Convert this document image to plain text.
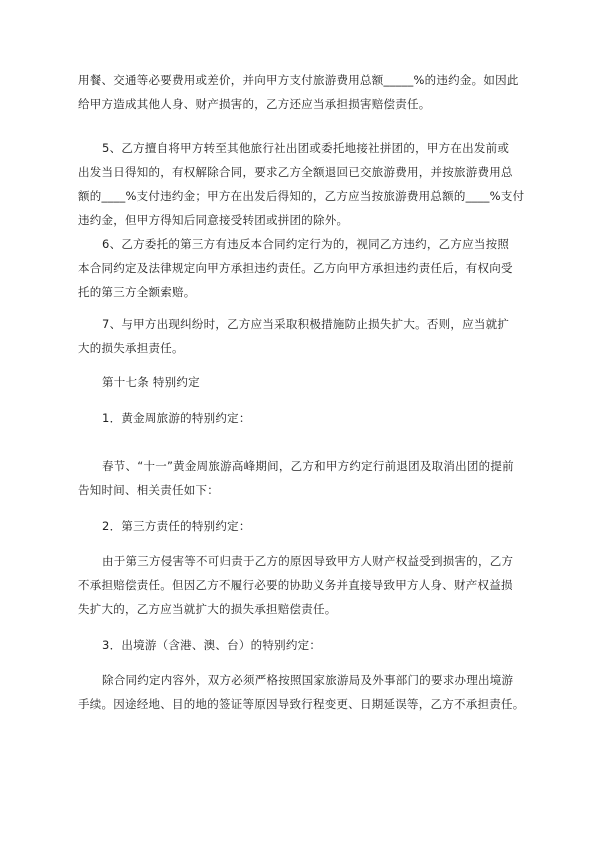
用餐、交通等必要费用或差价，并向甲方支付旅游费用总额_____%的违约金。如因此
给甲方造成其他人身、财产损害的，乙方还应当承担损害赔偿责任。

5、乙方擅自将甲方转至其他旅行社出团或委托地接社拼团的，甲方在出发前或
出发当日得知的，有权解除合同，要求乙方全额退回已交旅游费用，并按旅游费用总
额的____%支付违约金；甲方在出发后得知的，乙方应当按旅游费用总额的____%支付
违约金，但甲方得知后同意接受转团或拼团的除外。

6、乙方委托的第三方有违反本合同约定行为的，视同乙方违约，乙方应当按照
本合同约定及法律规定向甲方承担违约责任。乙方向甲方承担违约责任后，有权向受
托的第三方全额索赔。

7、与甲方出现纠纷时，乙方应当采取积极措施防止损失扩大。否则，应当就扩
大的损失承担责任。

第十七条 特别约定

1．黄金周旅游的特别约定：

春节、“十一”黄金周旅游高峰期间，乙方和甲方约定行前退团及取消出团的提前
告知时间、相关责任如下：

2．第三方责任的特别约定：

由于第三方侵害等不可归责于乙方的原因导致甲方人财产权益受到损害的，乙方
不承担赔偿责任。但因乙方不履行必要的协助义务并直接导致甲方人身、财产权益损
失扩大的，乙方应当就扩大的损失承担赔偿责任。

3．出境游（含港、澳、台）的特别约定：

除合同约定内容外，双方必须严格按照国家旅游局及外事部门的要求办理出境游
手续。因途经地、目的地的签证等原因导致行程变更、日期延误等，乙方不承担责任。
